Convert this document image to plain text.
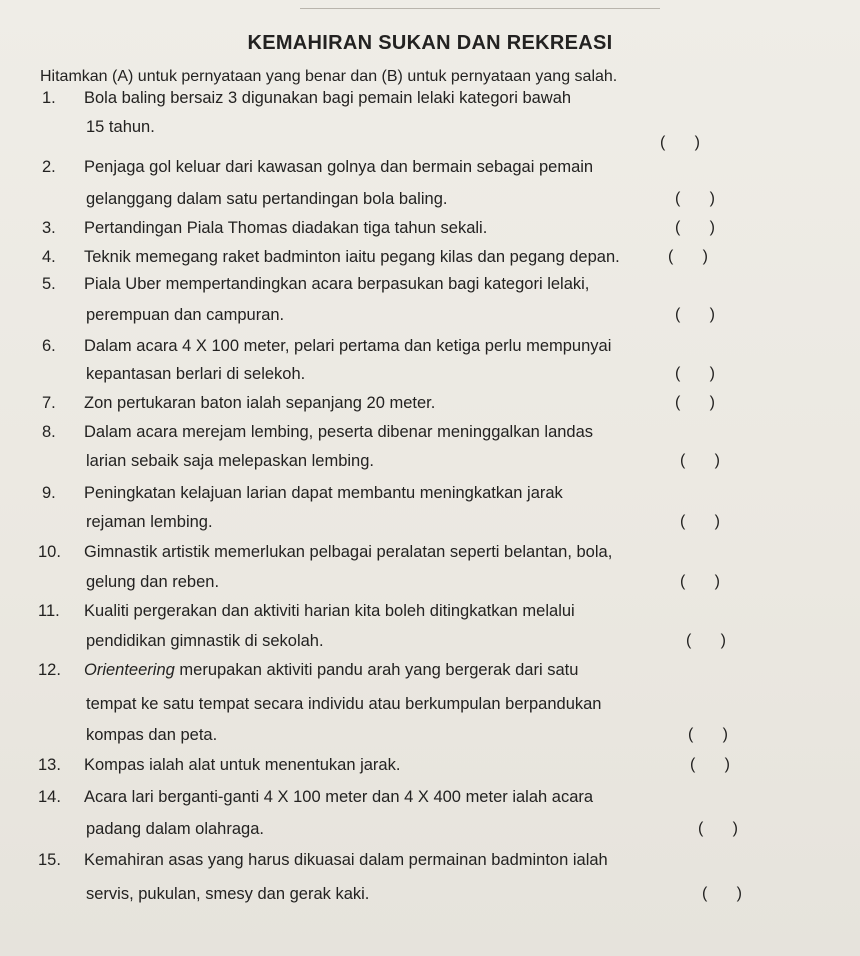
KEMAHIRAN SUKAN DAN REKREASI
Hitamkan (A) untuk pernyataan yang benar dan (B) untuk pernyataan yang salah.
1. Bola baling bersaiz 3 digunakan bagi pemain lelaki kategori bawah
15 tahun.
( )
2. Penjaga gol keluar dari kawasan golnya dan bermain sebagai pemain
gelanggang dalam satu pertandingan bola baling.	( )
3. Pertandingan Piala Thomas diadakan tiga tahun sekali.	( )
4. Teknik memegang raket badminton iaitu pegang kilas dan pegang depan.	( )
5. Piala Uber mempertandingkan acara berpasukan bagi kategori lelaki,
perempuan dan campuran.	( )
6. Dalam acara 4 X 100 meter, pelari pertama dan ketiga perlu mempunyai
kepantasan berlari di selekoh.	( )
7. Zon pertukaran baton ialah sepanjang 20 meter.	( )
8. Dalam acara merejam lembing, peserta dibenar meninggalkan landas
larian sebaik saja melepaskan lembing.	( )
9. Peningkatan kelajuan larian dapat membantu meningkatkan jarak
rejaman lembing.	( )
10. Gimnastik artistik memerlukan pelbagai peralatan seperti belantan, bola,
gelung dan reben.	( )
11. Kualiti pergerakan dan aktiviti harian kita boleh ditingkatkan melalui
pendidikan gimnastik di sekolah.	( )
12. Orienteering merupakan aktiviti pandu arah yang bergerak dari satu
tempat ke satu tempat secara individu atau berkumpulan berpandukan
kompas dan peta.	( )
13. Kompas ialah alat untuk menentukan jarak.	( )
14. Acara lari berganti-ganti 4 X 100 meter dan 4 X 400 meter ialah acara
padang dalam olahraga.	( )
15. Kemahiran asas yang harus dikuasai dalam permainan badminton ialah
servis, pukulan, smesy dan gerak kaki.	( )
